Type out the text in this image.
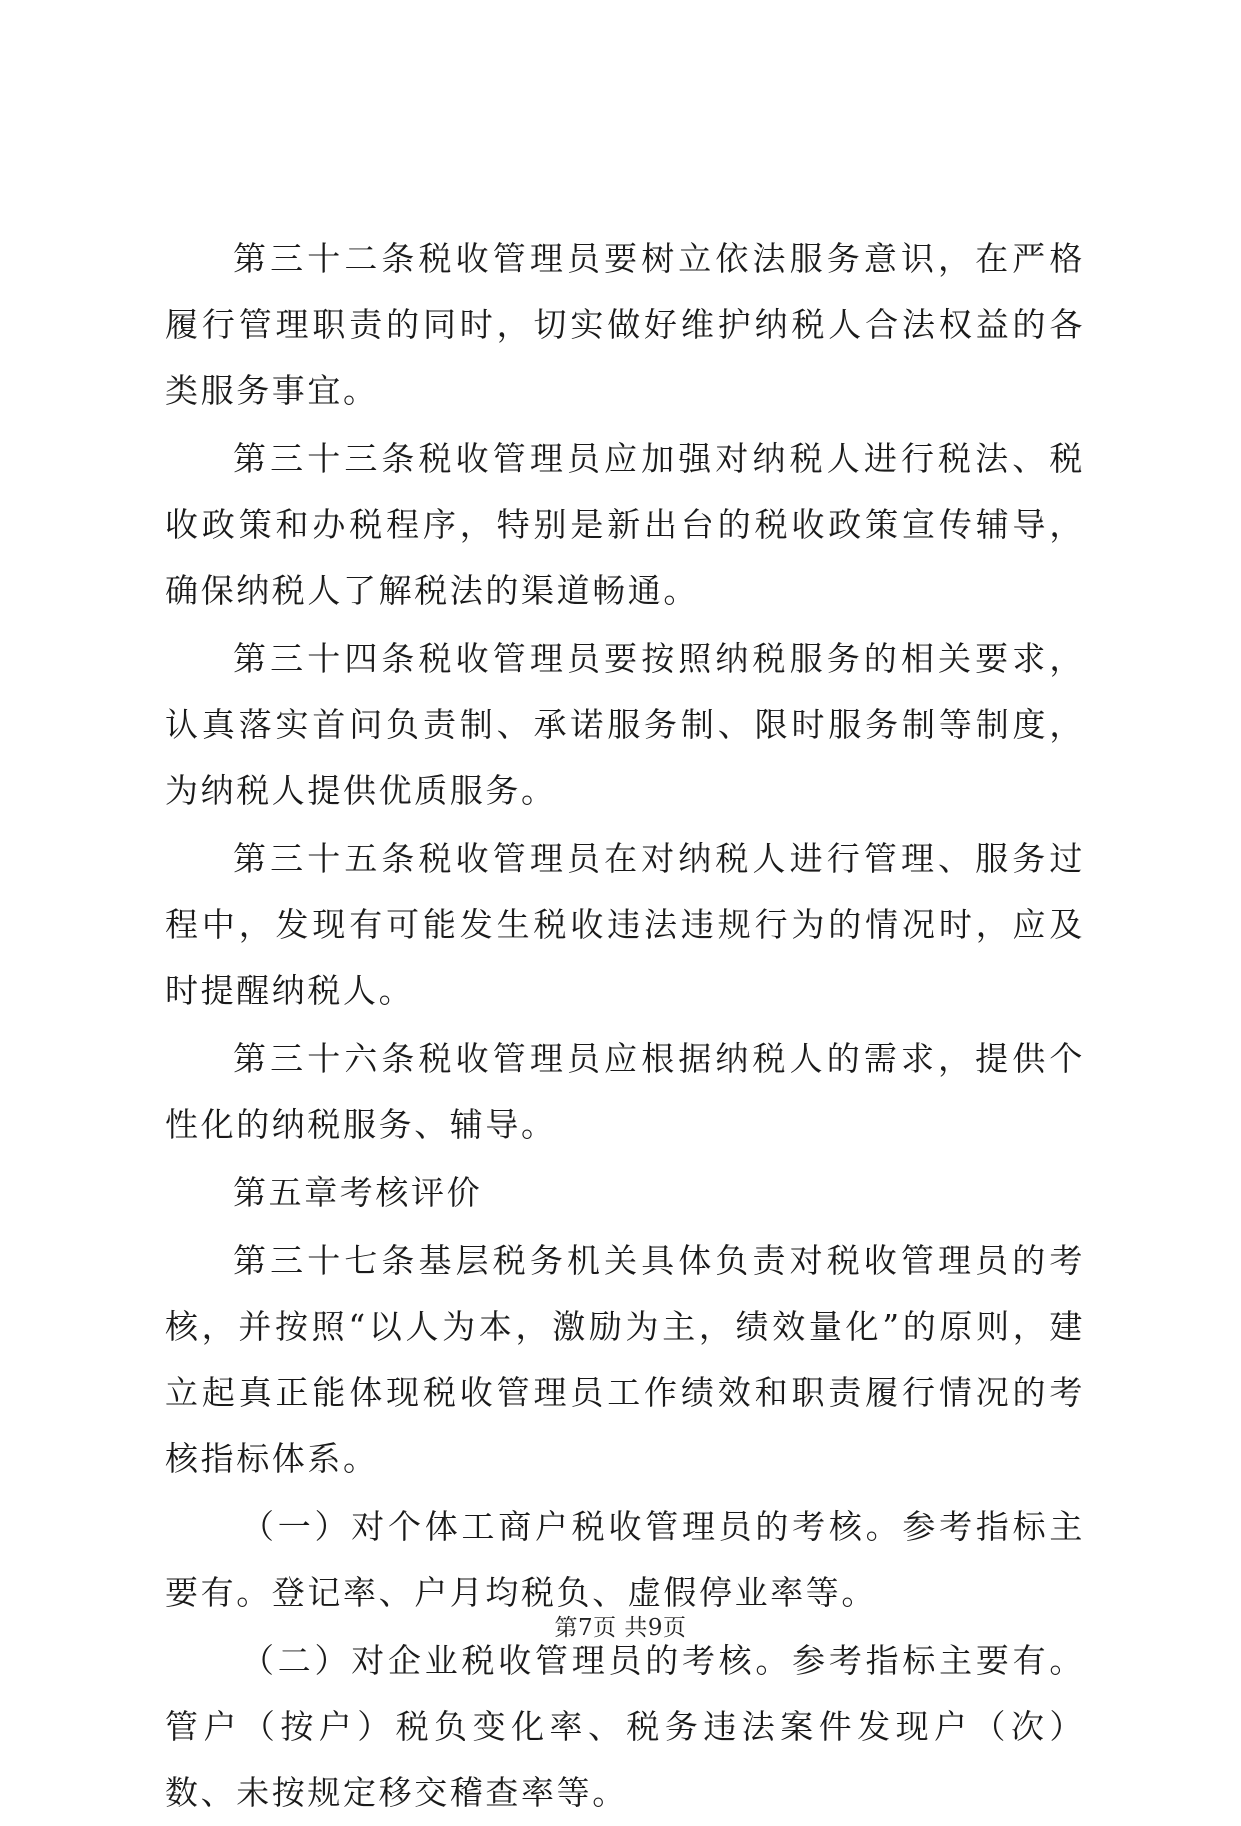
第三十二条税收管理员要树立依法服务意识，在严格履行管理职责的同时，切实做好维护纳税人合法权益的各类服务事宜。

第三十三条税收管理员应加强对纳税人进行税法、税收政策和办税程序，特别是新出台的税收政策宣传辅导，确保纳税人了解税法的渠道畅通。

第三十四条税收管理员要按照纳税服务的相关要求，认真落实首问负责制、承诺服务制、限时服务制等制度，为纳税人提供优质服务。

第三十五条税收管理员在对纳税人进行管理、服务过程中，发现有可能发生税收违法违规行为的情况时，应及时提醒纳税人。

第三十六条税收管理员应根据纳税人的需求，提供个性化的纳税服务、辅导。

第五章考核评价

第三十七条基层税务机关具体负责对税收管理员的考核，并按照“以人为本，激励为主，绩效量化”的原则，建立起真正能体现税收管理员工作绩效和职责履行情况的考核指标体系。

（一）对个体工商户税收管理员的考核。参考指标主要有。登记率、户月均税负、虚假停业率等。

（二）对企业税收管理员的考核。参考指标主要有。管户（按户）税负变化率、税务违法案件发现户（次）数、未按规定移交稽查率等。

第7页 共9页
